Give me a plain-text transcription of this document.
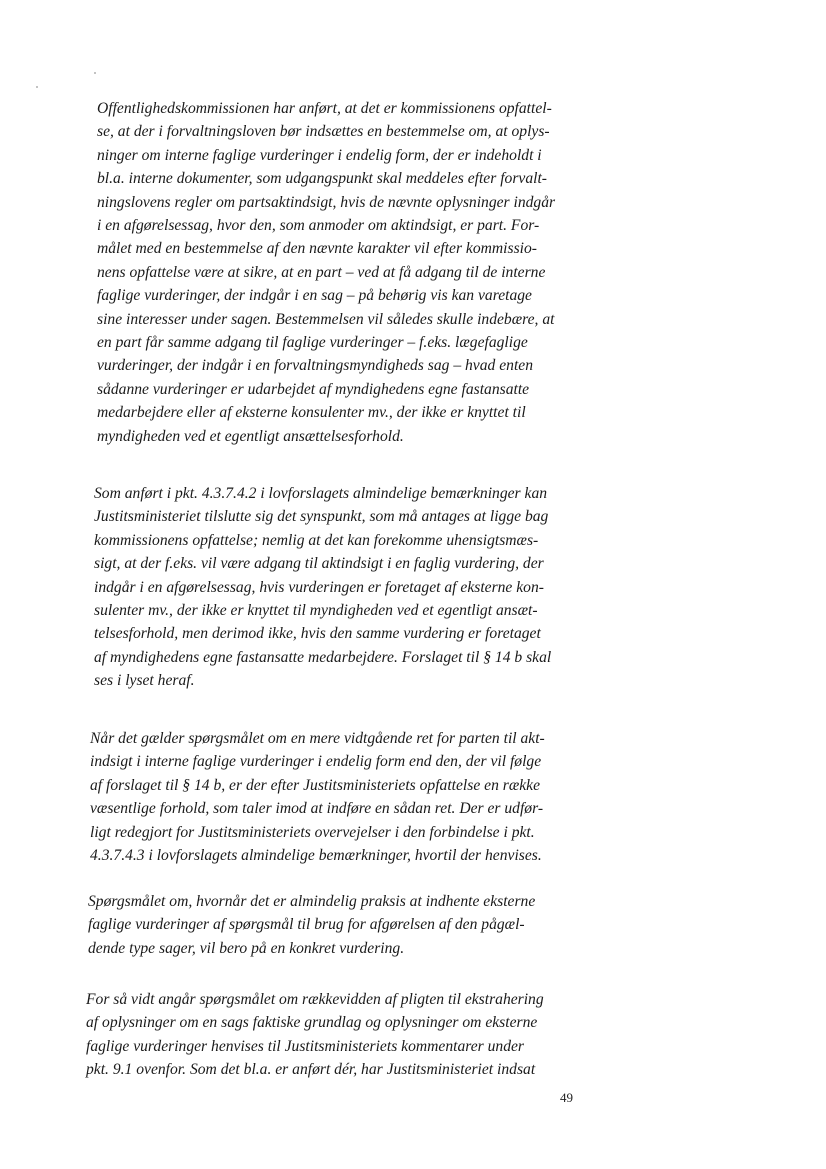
Offentlighedskommissionen har anført, at det er kommissionens opfattel-
se, at der i forvaltningsloven bør indsættes en bestemmelse om, at oplys-
ninger om interne faglige vurderinger i endelig form, der er indeholdt i
bl.a. interne dokumenter, som udgangspunkt skal meddeles efter forvalt-
ningslovens regler om partsaktindsigt, hvis de nævnte oplysninger indgår
i en afgørelsessag, hvor den, som anmoder om aktindsigt, er part. For-
målet med en bestemmelse af den nævnte karakter vil efter kommissio-
nens opfattelse være at sikre, at en part – ved at få adgang til de interne
faglige vurderinger, der indgår i en sag – på behørig vis kan varetage
sine interesser under sagen. Bestemmelsen vil således skulle indebære, at
en part får samme adgang til faglige vurderinger – f.eks. lægefaglige
vurderinger, der indgår i en forvaltningsmyndigheds sag – hvad enten
sådanne vurderinger er udarbejdet af myndighedens egne fastansatte
medarbejdere eller af eksterne konsulenter mv., der ikke er knyttet til
myndigheden ved et egentligt ansættelsesforhold.

Som anført i pkt. 4.3.7.4.2 i lovforslagets almindelige bemærkninger kan
Justitsministeriet tilslutte sig det synspunkt, som må antages at ligge bag
kommissionens opfattelse; nemlig at det kan forekomme uhensigtsmæs-
sigt, at der f.eks. vil være adgang til aktindsigt i en faglig vurdering, der
indgår i en afgørelsessag, hvis vurderingen er foretaget af eksterne kon-
sulenter mv., der ikke er knyttet til myndigheden ved et egentligt ansæt-
telsesforhold, men derimod ikke, hvis den samme vurdering er foretaget
af myndighedens egne fastansatte medarbejdere. Forslaget til § 14 b skal
ses i lyset heraf.

Når det gælder spørgsmålet om en mere vidtgående ret for parten til akt-
indsigt i interne faglige vurderinger i endelig form end den, der vil følge
af forslaget til § 14 b, er der efter Justitsministeriets opfattelse en række
væsentlige forhold, som taler imod at indføre en sådan ret. Der er udfør-
ligt redegjort for Justitsministeriets overvejelser i den forbindelse i pkt.
4.3.7.4.3 i lovforslagets almindelige bemærkninger, hvortil der henvises.

Spørgsmålet om, hvornår det er almindelig praksis at indhente eksterne
faglige vurderinger af spørgsmål til brug for afgørelsen af den pågæl-
dende type sager, vil bero på en konkret vurdering.

For så vidt angår spørgsmålet om rækkevidden af pligten til ekstrahering
af oplysninger om en sags faktiske grundlag og oplysninger om eksterne
faglige vurderinger henvises til Justitsministeriets kommentarer under
pkt. 9.1 ovenfor. Som det bl.a. er anført dér, har Justitsministeriet indsat

49
